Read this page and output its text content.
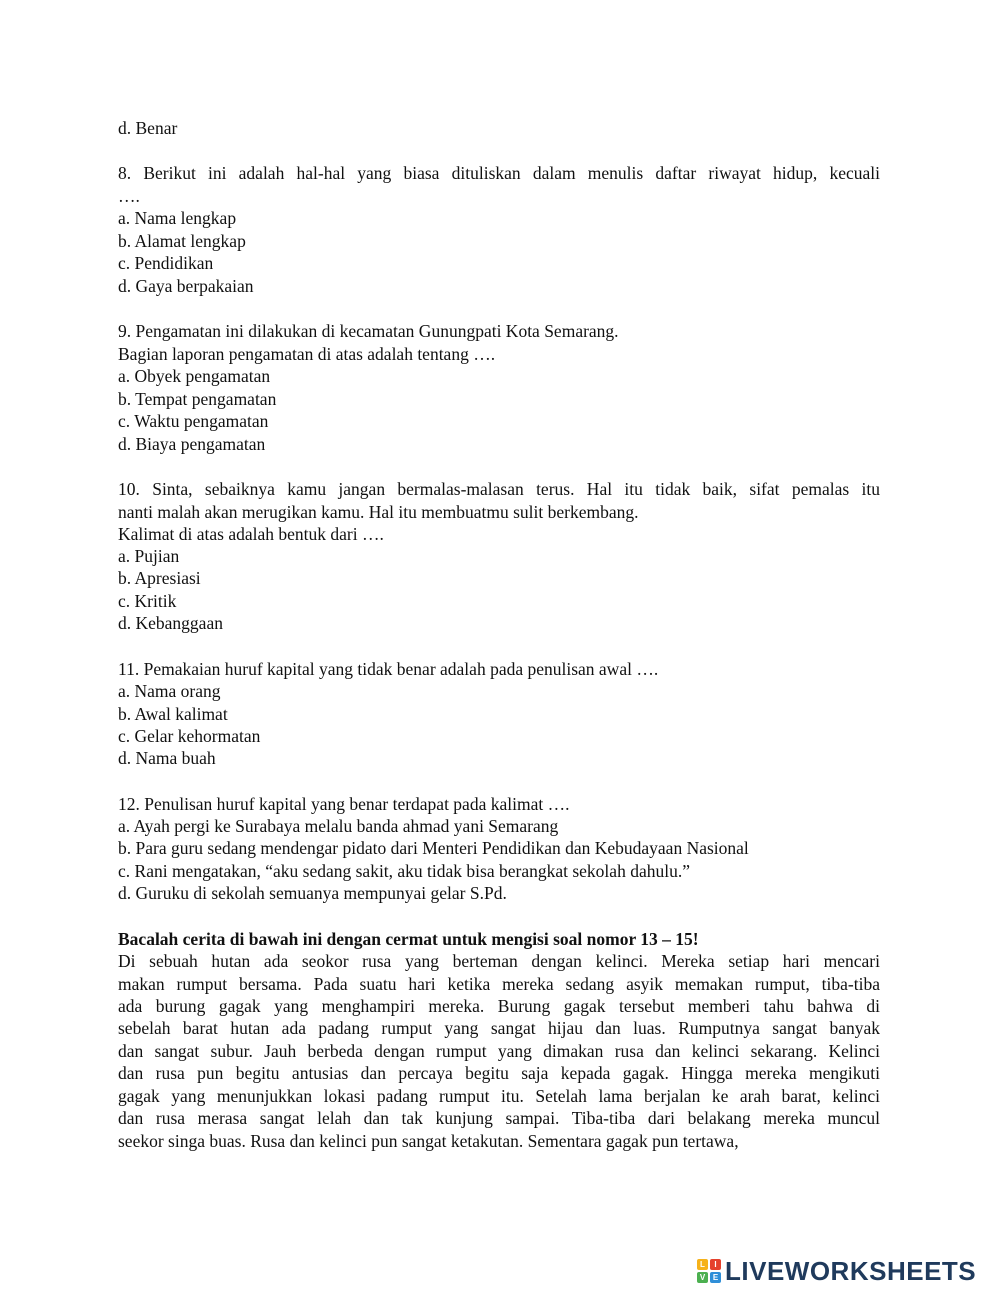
d. Benar
8. Berikut ini adalah hal-hal yang biasa dituliskan dalam menulis daftar riwayat hidup, kecuali
….
a. Nama lengkap
b. Alamat lengkap
c. Pendidikan
d. Gaya berpakaian
9. Pengamatan ini dilakukan di kecamatan Gunungpati Kota Semarang.
Bagian laporan pengamatan di atas adalah tentang ….
a. Obyek pengamatan
b. Tempat pengamatan
c. Waktu pengamatan
d. Biaya pengamatan
10. Sinta, sebaiknya kamu jangan bermalas-malasan terus. Hal itu tidak baik, sifat pemalas itu
nanti malah akan merugikan kamu. Hal itu membuatmu sulit berkembang.
Kalimat di atas adalah bentuk dari ….
a. Pujian
b. Apresiasi
c. Kritik
d. Kebanggaan
11. Pemakaian huruf kapital yang tidak benar adalah pada penulisan awal ….
a. Nama orang
b. Awal kalimat
c. Gelar kehormatan
d. Nama buah
12. Penulisan huruf kapital yang benar terdapat pada kalimat ….
a. Ayah pergi ke Surabaya melalu banda ahmad yani Semarang
b. Para guru sedang mendengar pidato dari Menteri Pendidikan dan Kebudayaan Nasional
c. Rani mengatakan, “aku sedang sakit, aku tidak bisa berangkat sekolah dahulu.”
d. Guruku di sekolah semuanya mempunyai gelar S.Pd.
Bacalah cerita di bawah ini dengan cermat untuk mengisi soal nomor 13 – 15!
Di sebuah hutan ada seokor rusa yang berteman dengan kelinci. Mereka setiap hari mencari
makan rumput bersama. Pada suatu hari ketika mereka sedang asyik memakan rumput, tiba-tiba
ada burung gagak yang menghampiri mereka. Burung gagak tersebut memberi tahu bahwa di
sebelah barat hutan ada padang rumput yang sangat hijau dan luas. Rumputnya sangat banyak
dan sangat subur. Jauh berbeda dengan rumput yang dimakan rusa dan kelinci sekarang. Kelinci
dan rusa pun begitu antusias dan percaya begitu saja kepada gagak. Hingga mereka mengikuti
gagak yang menunjukkan lokasi padang rumput itu. Setelah lama berjalan ke arah barat, kelinci
dan rusa merasa sangat lelah dan tak kunjung sampai. Tiba-tiba dari belakang mereka muncul
seekor singa buas. Rusa dan kelinci pun sangat ketakutan. Sementara gagak pun tertawa,
L	I
V E LIVEWORKSHEETS
